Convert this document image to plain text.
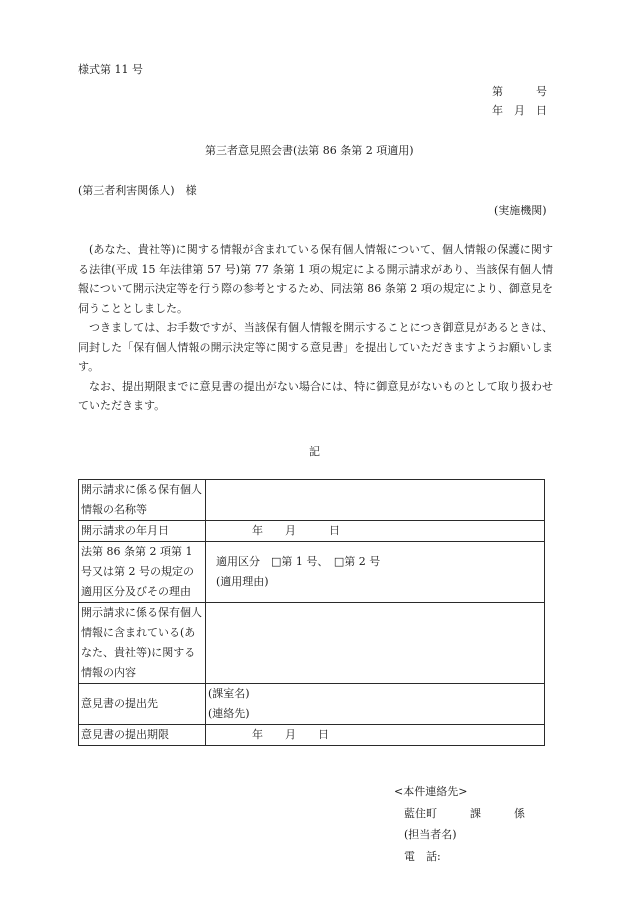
様式第 11 号
第　　　号
年　月　日
第三者意見照会書(法第 86 条第 2 項適用)
(第三者利害関係人)　様
(実施機関)

(あなた、貴社等)に関する情報が含まれている保有個人情報について、個人情報の保護に関する法律(平成 15 年法律第 57 号)第 77 条第 1 項の規定による開示請求があり、当該保有個人情報について開示決定等を行う際の参考とするため、同法第 86 条第 2 項の規定により、御意見を伺うこととしました。

つきましては、お手数ですが、当該保有個人情報を開示することにつき御意見があるときは、同封した「保有個人情報の開示決定等に関する意見書」を提出していただきますようお願いします。

なお、提出期限までに意見書の提出がない場合には、特に御意見がないものとして取り扱わせていただきます。

記
開示請求に係る保有個人情報の名称等	
開示請求の年月日	年　　月　　　日
法第 86 条第 2 項第 1 号又は第 2 号の規定の適用区分及びその理由	適用区分　□第 1 号、　□第 2 号
(適用理由)

開示請求に係る保有個人情報に含まれている(あなた、貴社等)に関する情報の内容	
意見書の提出先	(課室名)
(連絡先)

意見書の提出期限	年　　月　　日
<本件連絡先>
藍住町　　　課　　　係
(担当者名)
電　話:
